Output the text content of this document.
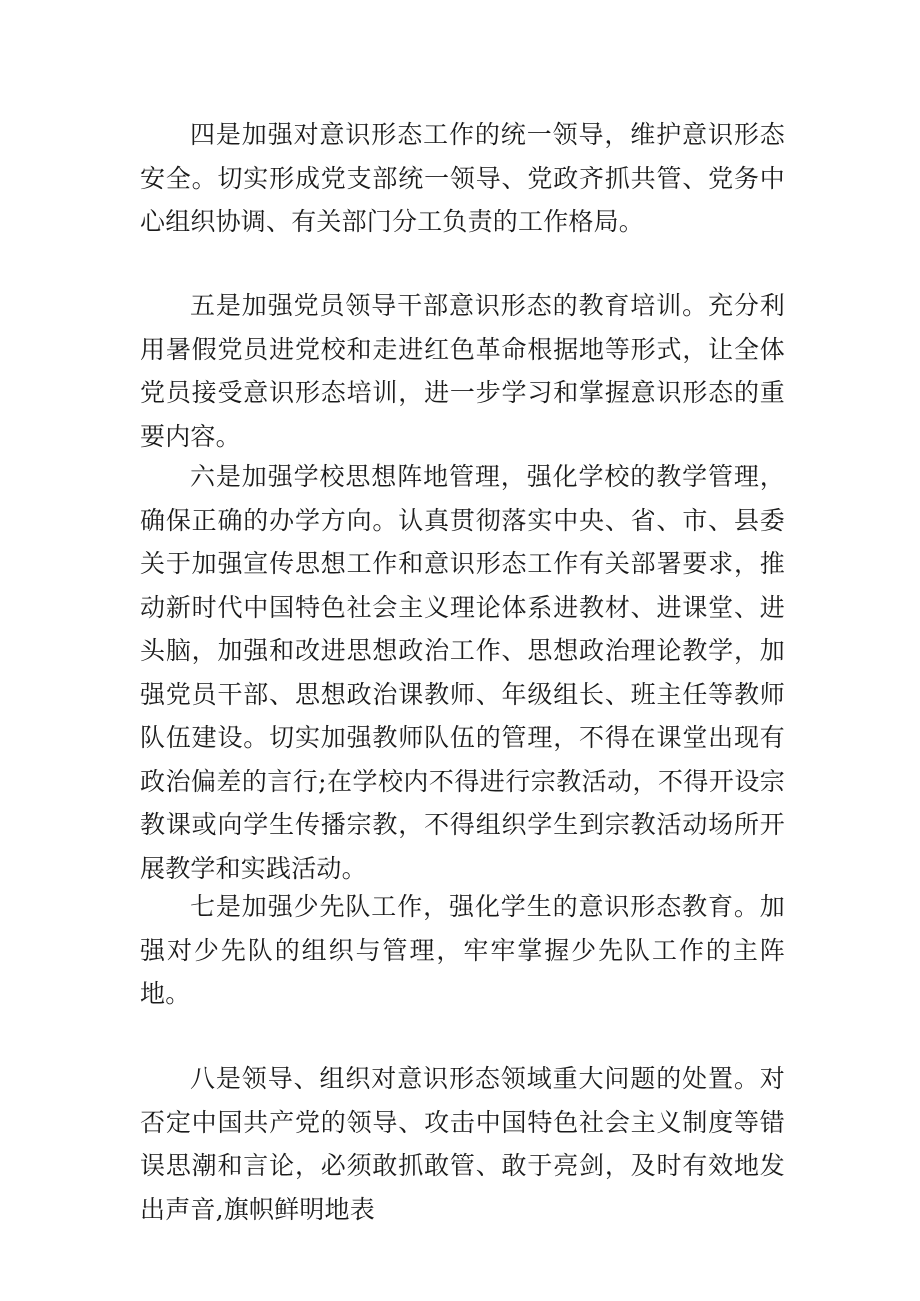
四是加强对意识形态工作的统一领导，维护意识形态安全。切实形成党支部统一领导、党政齐抓共管、党务中心组织协调、有关部门分工负责的工作格局。

五是加强党员领导干部意识形态的教育培训。充分利用暑假党员进党校和走进红色革命根据地等形式，让全体党员接受意识形态培训，进一步学习和掌握意识形态的重要内容。

六是加强学校思想阵地管理，强化学校的教学管理，确保正确的办学方向。认真贯彻落实中央、省、市、县委关于加强宣传思想工作和意识形态工作有关部署要求，推动新时代中国特色社会主义理论体系进教材、进课堂、进头脑，加强和改进思想政治工作、思想政治理论教学，加强党员干部、思想政治课教师、年级组长、班主任等教师队伍建设。切实加强教师队伍的管理，不得在课堂出现有政治偏差的言行;在学校内不得进行宗教活动，不得开设宗教课或向学生传播宗教，不得组织学生到宗教活动场所开展教学和实践活动。

七是加强少先队工作，强化学生的意识形态教育。加强对少先队的组织与管理，牢牢掌握少先队工作的主阵地。

八是领导、组织对意识形态领域重大问题的处置。对否定中国共产党的领导、攻击中国特色社会主义制度等错误思潮和言论，必须敢抓敢管、敢于亮剑，及时有效地发出声音,旗帜鲜明地表
